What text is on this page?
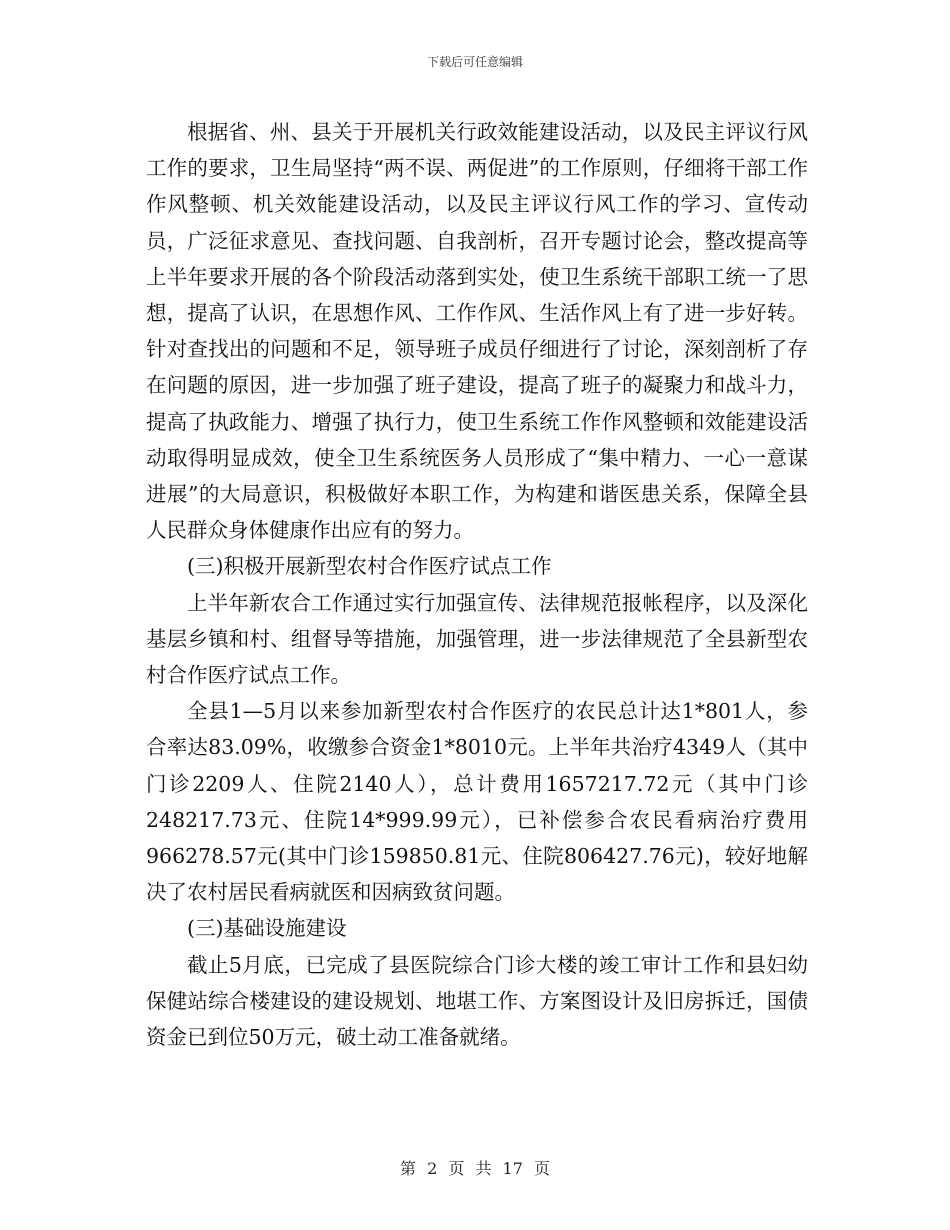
下载后可任意编辑

根据省、州、县关于开展机关行政效能建设活动，以及民主评议行风工作的要求，卫生局坚持“两不误、两促进”的工作原则，仔细将干部工作作风整顿、机关效能建设活动，以及民主评议行风工作的学习、宣传动员，广泛征求意见、查找问题、自我剖析，召开专题讨论会，整改提高等上半年要求开展的各个阶段活动落到实处，使卫生系统干部职工统一了思想，提高了认识，在思想作风、工作作风、生活作风上有了进一步好转。针对查找出的问题和不足，领导班子成员仔细进行了讨论，深刻剖析了存在问题的原因，进一步加强了班子建设，提高了班子的凝聚力和战斗力，提高了执政能力、增强了执行力，使卫生系统工作作风整顿和效能建设活动取得明显成效，使全卫生系统医务人员形成了“集中精力、一心一意谋进展”的大局意识，积极做好本职工作，为构建和谐医患关系，保障全县人民群众身体健康作出应有的努力。

(三)积极开展新型农村合作医疗试点工作

上半年新农合工作通过实行加强宣传、法律规范报帐程序，以及深化基层乡镇和村、组督导等措施，加强管理，进一步法律规范了全县新型农村合作医疗试点工作。

全县1—5月以来参加新型农村合作医疗的农民总计达1*801人，参合率达83.09%，收缴参合资金1*8010元。上半年共治疗4349人（其中门诊2209人、住院2140人），总计费用1657217.72元（其中门诊248217.73元、住院14*999.99元），已补偿参合农民看病治疗费用966278.57元(其中门诊159850.81元、住院806427.76元)，较好地解决了农村居民看病就医和因病致贫问题。

(三)基础设施建设

截止5月底，已完成了县医院综合门诊大楼的竣工审计工作和县妇幼保健站综合楼建设的建设规划、地堪工作、方案图设计及旧房拆迁，国债资金已到位50万元，破土动工准备就绪。

第 2 页 共 17 页
